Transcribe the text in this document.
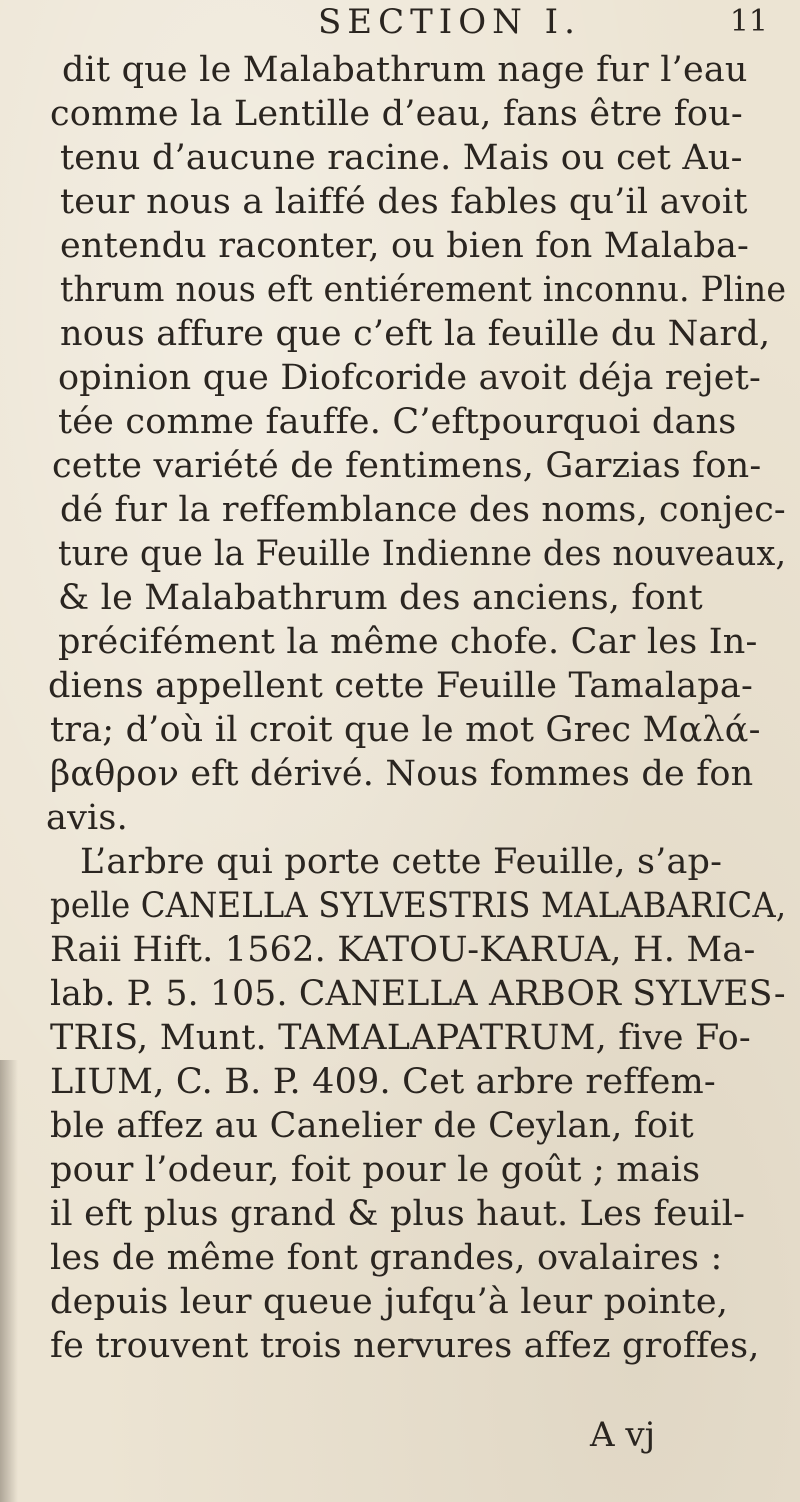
SECTION I.	11
dit que le Malabathrum nage fur l’eau
comme la Lentille d’eau, fans être fou-
tenu d’aucune racine. Mais ou cet Au-
teur nous a laiffé des fables qu’il avoit
entendu raconter, ou bien fon Malaba-
thrum nous eft entiérement inconnu. Pline
nous affure que c’eft la feuille du Nard,
opinion que Diofcoride avoit déja rejet-
tée comme fauffe. C’eftpourquoi dans
cette variété de fentimens, Garzias fon-
dé fur la reffemblance des noms, conjec-
ture que la Feuille Indienne des nouveaux,
& le Malabathrum des anciens, font
précifément la même chofe. Car les In-
diens appellent cette Feuille Tamalapa-
tra; d’où il croit que le mot Grec Μαλά-
βαθρον eft dérivé. Nous fommes de fon
avis.
L’arbre qui porte cette Feuille, s’ap-
pelle CANELLA SYLVESTRIS MALABARICA,
Raii Hift. 1562. KATOU-KARUA, H. Ma-
lab. P. 5. 105. CANELLA ARBOR SYLVES-
TRIS, Munt. TAMALAPATRUM, five Fo-
LIUM, C. B. P. 409. Cet arbre reffem-
ble affez au Canelier de Ceylan, foit
pour l’odeur, foit pour le goût ; mais
il eft plus grand & plus haut. Les feuil-
les de même font grandes, ovalaires :
depuis leur queue jufqu’à leur pointe,
fe trouvent trois nervures affez groffes,
A vj
